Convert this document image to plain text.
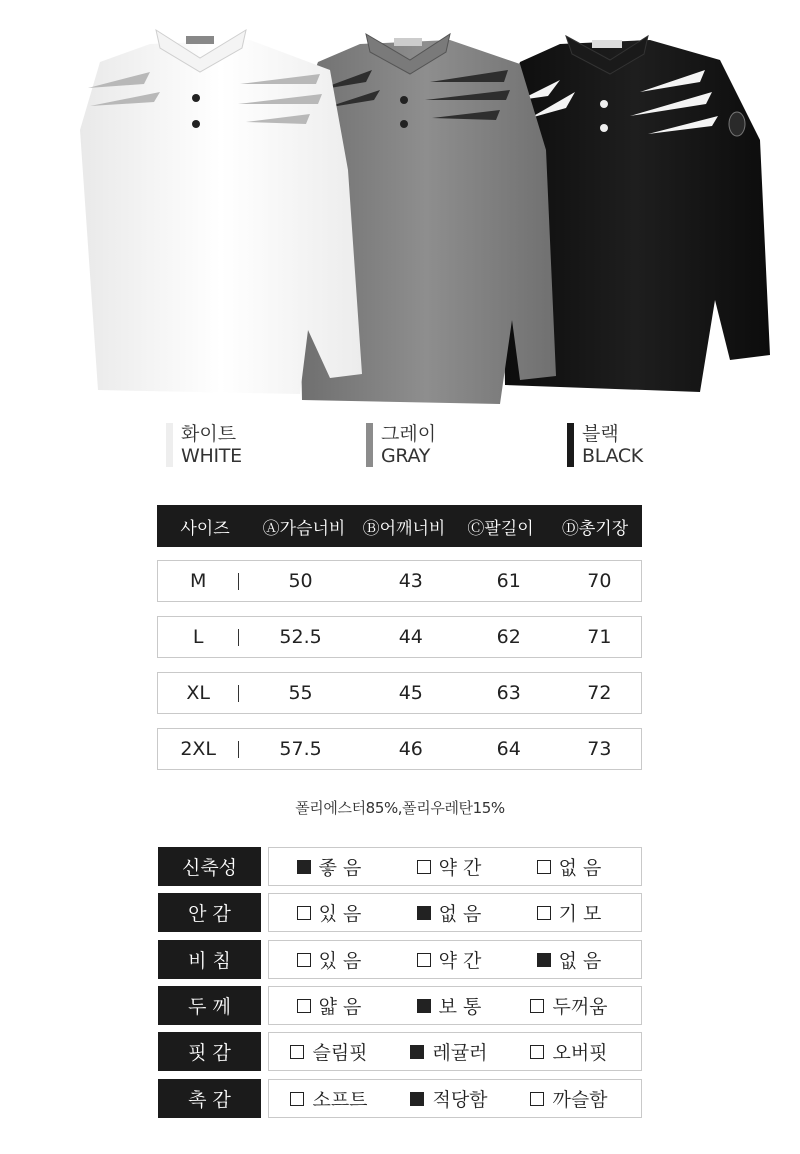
화이트
WHITE
그레이
GRAY
블랙
BLACK
사이즈	Ⓐ가슴너비	Ⓑ어깨너비	Ⓒ팔길이	Ⓓ총기장
M	50	43	61	70
L	52.5	44	62	71
XL	55	45	63	72
2XL	57.5	46	64	73
폴리에스터85%,폴리우레탄15%
신축성	좋 음	약 간	없 음
안 감	있 음	없 음	기 모
비 침	있 음	약 간	없 음
두 께	얇 음	보 통	두꺼움
핏 감	슬림핏	레귤러	오버핏
촉 감	소프트	적당함	까슬함
